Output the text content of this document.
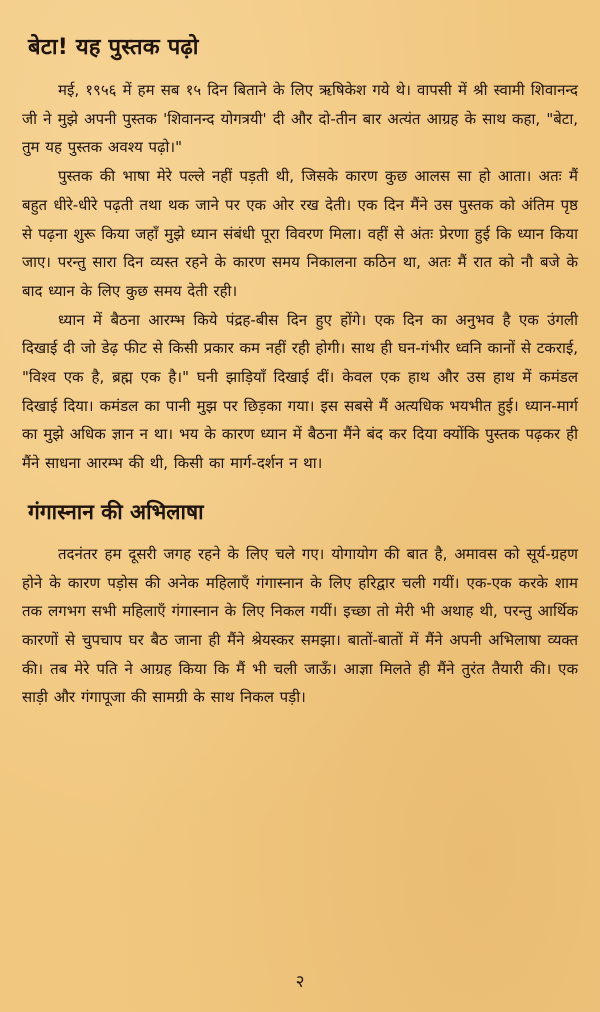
बेटा! यह पुस्तक पढ़ो

मई, १९५६ में हम सब १५ दिन बिताने के लिए ऋषिकेश गये थे। वापसी में श्री स्वामी शिवानन्द जी ने मुझे अपनी पुस्तक 'शिवानन्द योगत्रयी' दी और दो-तीन बार अत्यंत आग्रह के साथ कहा, "बेटा, तुम यह पुस्तक अवश्य पढ़ो।"

पुस्तक की भाषा मेरे पल्ले नहीं पड़ती थी, जिसके कारण कुछ आलस सा हो आता। अतः मैं बहुत धीरे-धीरे पढ़ती तथा थक जाने पर एक ओर रख देती। एक दिन मैंने उस पुस्तक को अंतिम पृष्ठ से पढ़ना शुरू किया जहाँ मुझे ध्यान संबंधी पूरा विवरण मिला। वहीं से अंतः प्रेरणा हुई कि ध्यान किया जाए। परन्तु सारा दिन व्यस्त रहने के कारण समय निकालना कठिन था, अतः मैं रात को नौ बजे के बाद ध्यान के लिए कुछ समय देती रही।

ध्यान में बैठना आरम्भ किये पंद्रह-बीस दिन हुए होंगे। एक दिन का अनुभव है एक उंगली दिखाई दी जो डेढ़ फीट से किसी प्रकार कम नहीं रही होगी। साथ ही घन-गंभीर ध्वनि कानों से टकराई, "विश्व एक है, ब्रह्म एक है।" घनी झाड़ियाँ दिखाई दीं। केवल एक हाथ और उस हाथ में कमंडल दिखाई दिया। कमंडल का पानी मुझ पर छिड़का गया। इस सबसे मैं अत्यधिक भयभीत हुई। ध्यान-मार्ग का मुझे अधिक ज्ञान न था। भय के कारण ध्यान में बैठना मैंने बंद कर दिया क्योंकि पुस्तक पढ़कर ही मैंने साधना आरम्भ की थी, किसी का मार्ग-दर्शन न था।

गंगास्नान की अभिलाषा

तदनंतर हम दूसरी जगह रहने के लिए चले गए। योगायोग की बात है, अमावस को सूर्य-ग्रहण होने के कारण पड़ोस की अनेक महिलाएँ गंगास्नान के लिए हरिद्वार चली गयीं। एक-एक करके शाम तक लगभग सभी महिलाएँ गंगास्नान के लिए निकल गयीं। इच्छा तो मेरी भी अथाह थी, परन्तु आर्थिक कारणों से चुपचाप घर बैठ जाना ही मैंने श्रेयस्कर समझा। बातों-बातों में मैंने अपनी अभिलाषा व्यक्त की। तब मेरे पति ने आग्रह किया कि मैं भी चली जाऊँ। आज्ञा मिलते ही मैंने तुरंत तैयारी की। एक साड़ी और गंगापूजा की सामग्री के साथ निकल पड़ी।

२
